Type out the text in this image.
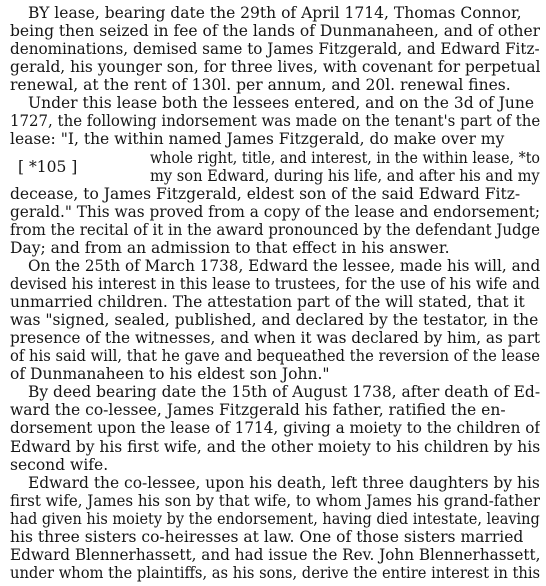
[ *105 ]
BY lease, bearing date the 29th of April 1714, Thomas Connor,
being then seized in fee of the lands of Dunmanaheen, and of other
denominations, demised same to James Fitzgerald, and Edward Fitz-
gerald, his younger son, for three lives, with covenant for perpetual
renewal, at the rent of 130l. per annum, and 20l. renewal fines.
Under this lease both the lessees entered, and on the 3d of June
1727, the following indorsement was made on the tenant's part of the
lease: "I, the within named James Fitzgerald, do make over my
whole right, title, and interest, in the within lease, *to
my son Edward, during his life, and after his and my
decease, to James Fitzgerald, eldest son of the said Edward Fitz-
gerald." This was proved from a copy of the lease and endorsement;
from the recital of it in the award pronounced by the defendant Judge
Day; and from an admission to that effect in his answer.
On the 25th of March 1738, Edward the lessee, made his will, and
devised his interest in this lease to trustees, for the use of his wife and
unmarried children. The attestation part of the will stated, that it
was "signed, sealed, published, and declared by the testator, in the
presence of the witnesses, and when it was declared by him, as part
of his said will, that he gave and bequeathed the reversion of the lease
of Dunmanaheen to his eldest son John."
By deed bearing date the 15th of August 1738, after death of Ed-
ward the co-lessee, James Fitzgerald his father, ratified the en-
dorsement upon the lease of 1714, giving a moiety to the children of
Edward by his first wife, and the other moiety to his children by his
second wife.
Edward the co-lessee, upon his death, left three daughters by his
first wife, James his son by that wife, to whom James his grand-father
had given his moiety by the endorsement, having died intestate, leaving
his three sisters co-heiresses at law. One of those sisters married
Edward Blennerhassett, and had issue the Rev. John Blennerhassett,
under whom the plaintiffs, as his sons, derive the entire interest in this
